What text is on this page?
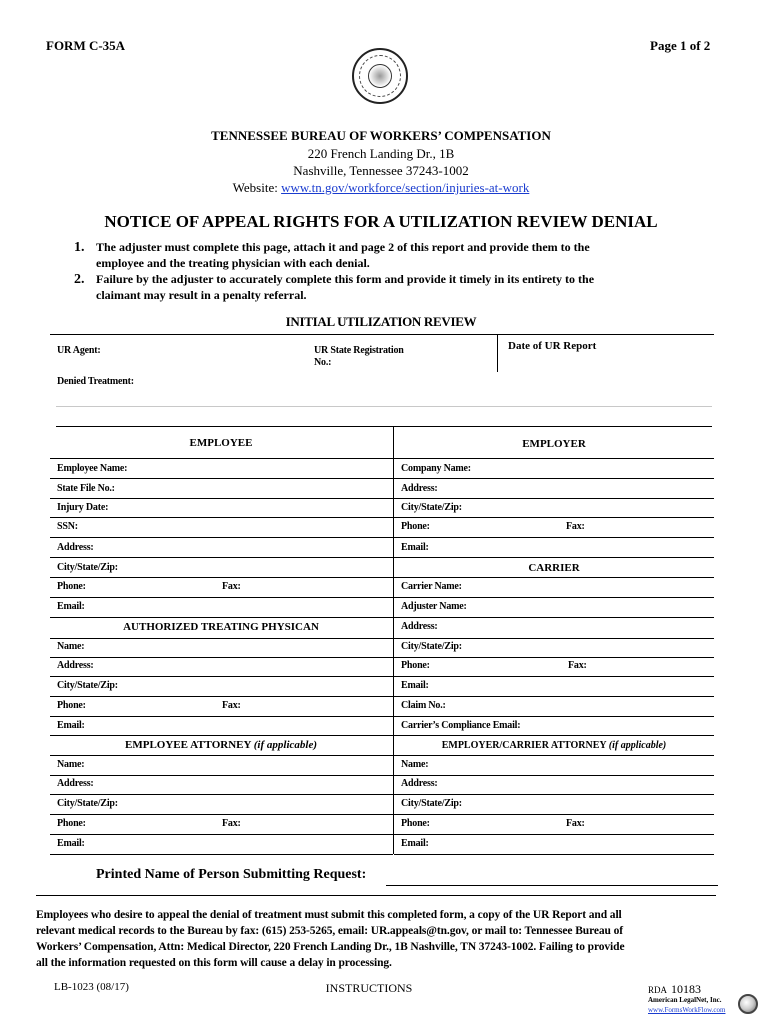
FORM C-35A	Page 1 of 2
TENNESSEE BUREAU OF WORKERS’ COMPENSATION
220 French Landing Dr., 1B
Nashville, Tennessee 37243-1002
Website: www.tn.gov/workforce/section/injuries-at-work
NOTICE OF APPEAL RIGHTS FOR A UTILIZATION REVIEW DENIAL
1. The adjuster must complete this page, attach it and page 2 of this report and provide them to the
employee and the treating physician with each denial.
2. Failure by the adjuster to accurately complete this form and provide it timely in its entirety to the
claimant may result in a penalty referral.
INITIAL UTILIZATION REVIEW
UR Agent:	UR State Registration
No.:
Date of UR Report
Denied Treatment:
EMPLOYEE
Employee Name:
State File No.:
Injury Date:
SSN:
Address:
City/State/Zip:
Phone:	Fax:
Email:
AUTHORIZED TREATING PHYSICAN
Name:
Address:
City/State/Zip:
Phone:	Fax:
Email:
EMPLOYEE ATTORNEY (if applicable)
Name:
Address:
City/State/Zip:
Phone:	Fax:
Email:
EMPLOYER
Company Name:
Address:
City/State/Zip:
Phone:	Fax:
Email:
CARRIER
Carrier Name:
Adjuster Name:
Address:
City/State/Zip:
Phone:	Fax:
Email:
Claim No.:
Carrier’s Compliance Email:
EMPLOYER/CARRIER ATTORNEY (if applicable)
Name:
Address:
City/State/Zip:
Phone:	Fax:
Email:
Printed Name of Person Submitting Request:
Employees who desire to appeal the denial of treatment must submit this completed form, a copy of the UR Report and all
relevant medical records to the Bureau by fax: (615) 253-5265, email: UR.appeals@tn.gov, or mail to: Tennessee Bureau of
Workers’ Compensation, Attn: Medical Director, 220 French Landing Dr., 1B Nashville, TN 37243-1002. Failing to provide
all the information requested on this form will cause a delay in processing.
LB-1023 (08/17)	INSTRUCTIONS	RDA 10183
American LegalNet, Inc.
www.FormsWorkFlow.com
